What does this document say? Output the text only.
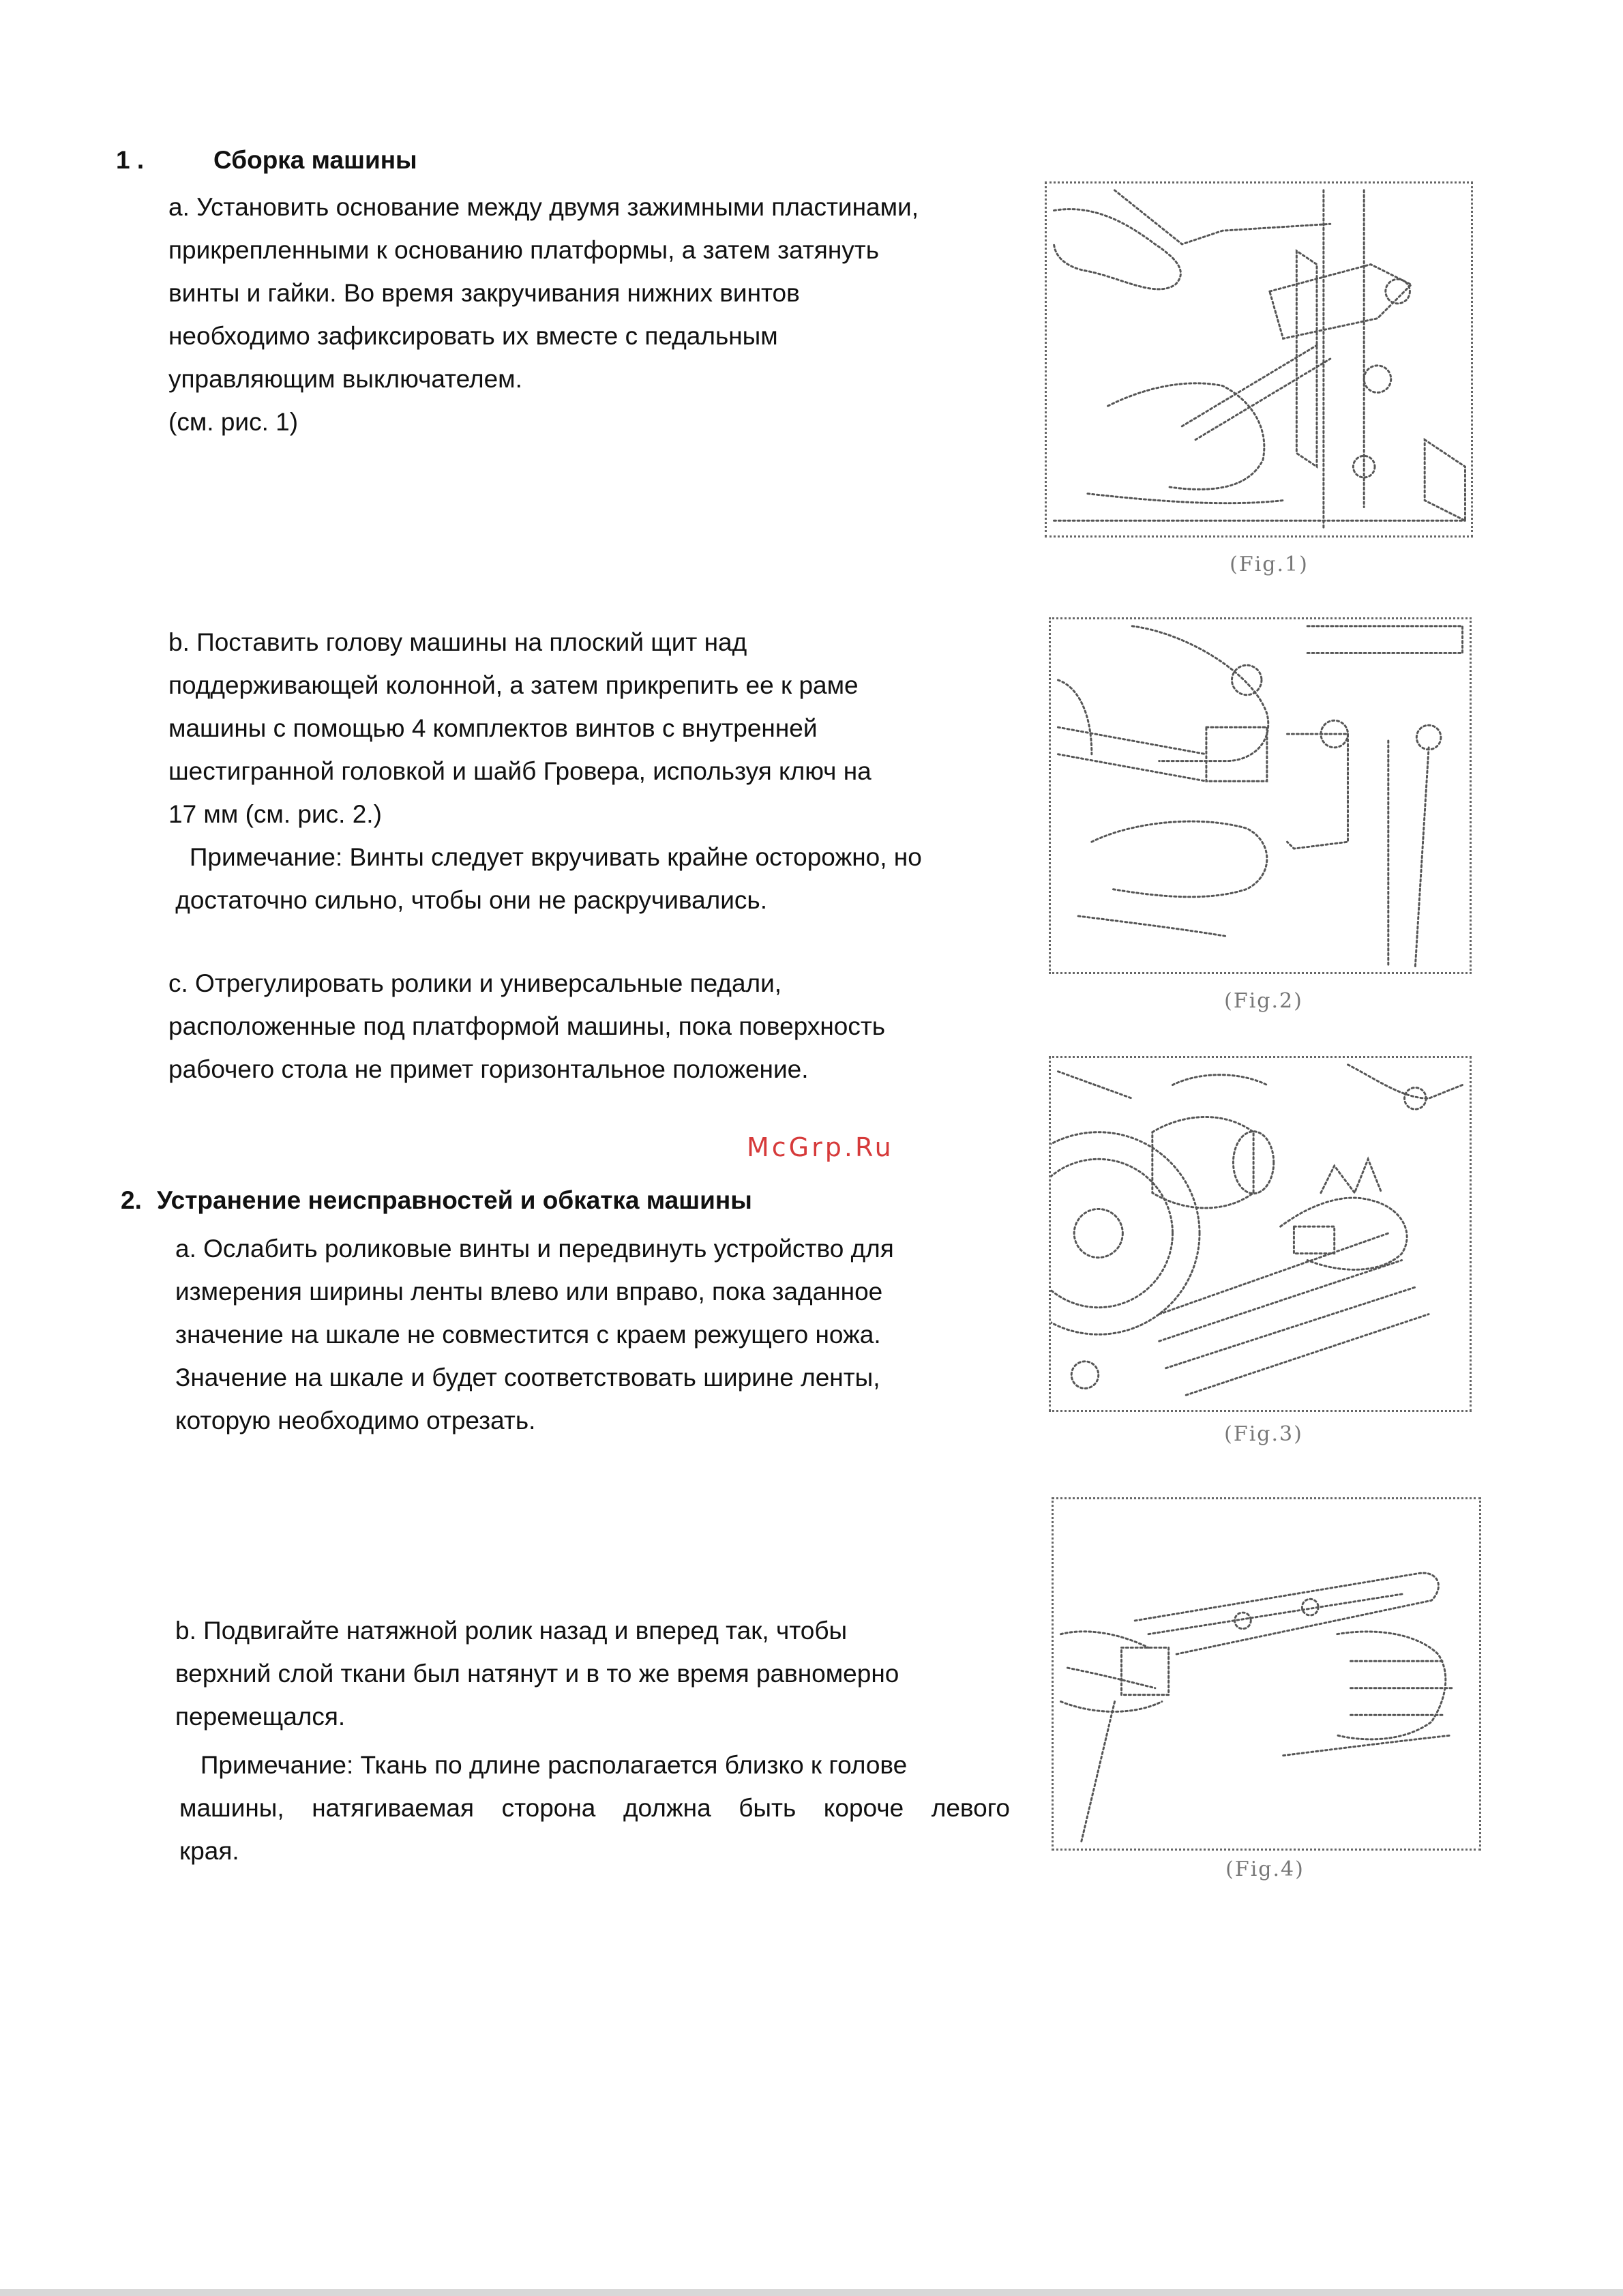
1 .	Сборка машины
a. Установить основание между двумя зажимными пластинами,
прикрепленными к основанию платформы, а затем затянуть
винты и гайки. Во время закручивания нижних винтов
необходимо зафиксировать их вместе с педальным
управляющим выключателем.
(см. рис. 1)
b. Поставить голову машины на плоский щит над
поддерживающей колонной, а затем прикрепить ее к раме
машины с помощью 4 комплектов винтов с внутренней
шестигранной головкой и шайб Гровера, используя ключ на
17 мм (см. рис. 2.)
Примечание: Винты следует вкручивать крайне осторожно, но
достаточно сильно, чтобы они не раскручивались.
c. Отрегулировать ролики и универсальные педали,
расположенные под платформой машины, пока поверхность
рабочего стола не примет горизонтальное положение.
McGrp.Ru
2. Устранение неисправностей и обкатка машины
a. Ослабить роликовые винты и передвинуть устройство для
измерения ширины ленты влево или вправо, пока заданное
значение на шкале не совместится с краем режущего ножа.
Значение на шкале и будет соответствовать ширине ленты,
которую необходимо отрезать.
b. Подвигайте натяжной ролик назад и вперед так, чтобы
верхний слой ткани был натянут и в то же время равномерно
перемещался.
Примечание: Ткань по длине располагается близко к голове
машины, натягиваемая сторона должна быть короче левого
края.
(Fig.1)
(Fig.2)
(Fig.3)
(Fig.4)
